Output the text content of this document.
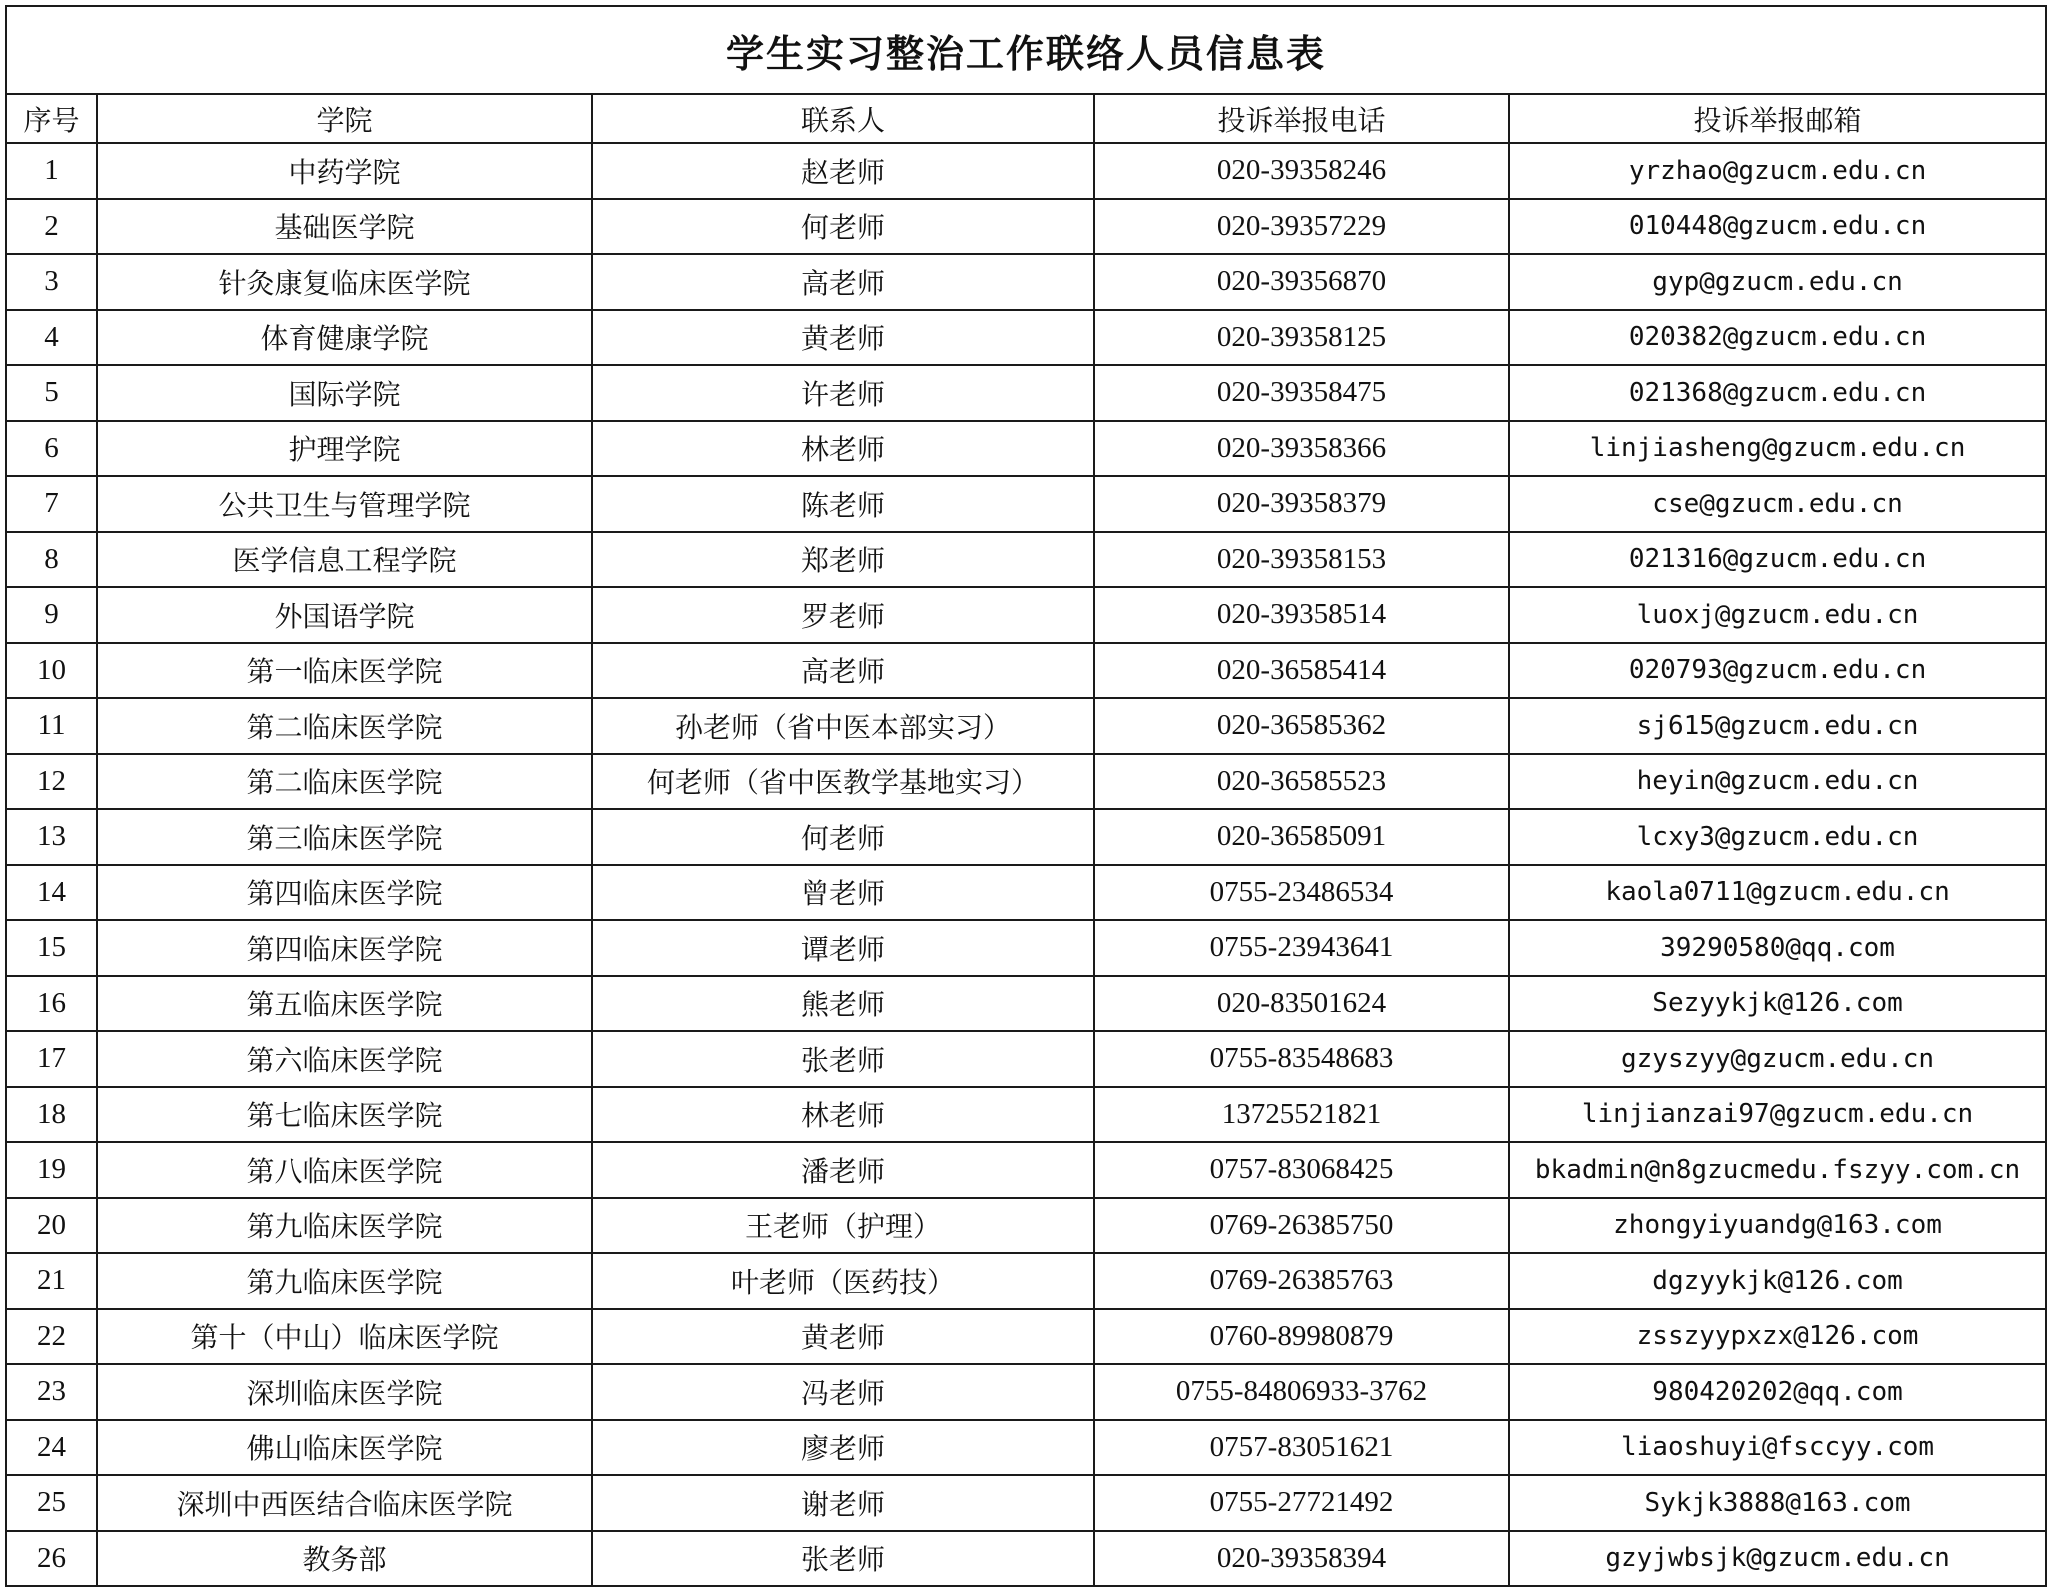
学生实习整治工作联络人员信息表				
序号	学院	联系人	投诉举报电话	投诉举报邮箱
1	中药学院	赵老师	020-39358246	yrzhao@gzucm.edu.cn
2	基础医学院	何老师	020-39357229	010448@gzucm.edu.cn
3	针灸康复临床医学院	高老师	020-39356870	gyp@gzucm.edu.cn
4	体育健康学院	黄老师	020-39358125	020382@gzucm.edu.cn
5	国际学院	许老师	020-39358475	021368@gzucm.edu.cn
6	护理学院	林老师	020-39358366	linjiasheng@gzucm.edu.cn
7	公共卫生与管理学院	陈老师	020-39358379	cse@gzucm.edu.cn
8	医学信息工程学院	郑老师	020-39358153	021316@gzucm.edu.cn
9	外国语学院	罗老师	020-39358514	luoxj@gzucm.edu.cn
10	第一临床医学院	高老师	020-36585414	020793@gzucm.edu.cn
11	第二临床医学院	孙老师（省中医本部实习）	020-36585362	sj615@gzucm.edu.cn
12	第二临床医学院	何老师（省中医教学基地实习）	020-36585523	heyin@gzucm.edu.cn
13	第三临床医学院	何老师	020-36585091	lcxy3@gzucm.edu.cn
14	第四临床医学院	曾老师	0755-23486534	kaola0711@gzucm.edu.cn
15	第四临床医学院	谭老师	0755-23943641	39290580@qq.com
16	第五临床医学院	熊老师	020-83501624	Sezyykjk@126.com
17	第六临床医学院	张老师	0755-83548683	gzyszyy@gzucm.edu.cn
18	第七临床医学院	林老师	13725521821	linjianzai97@gzucm.edu.cn
19	第八临床医学院	潘老师	0757-83068425	bkadmin@n8gzucmedu.fszyy.com.cn
20	第九临床医学院	王老师（护理）	0769-26385750	zhongyiyuandg@163.com
21	第九临床医学院	叶老师（医药技）	0769-26385763	dgzyykjk@126.com
22	第十（中山）临床医学院	黄老师	0760-89980879	zsszyypxzx@126.com
23	深圳临床医学院	冯老师	0755-84806933-3762	980420202@qq.com
24	佛山临床医学院	廖老师	0757-83051621	liaoshuyi@fsccyy.com
25	深圳中西医结合临床医学院	谢老师	0755-27721492	Sykjk3888@163.com
26	教务部	张老师	020-39358394	gzyjwbsjk@gzucm.edu.cn
